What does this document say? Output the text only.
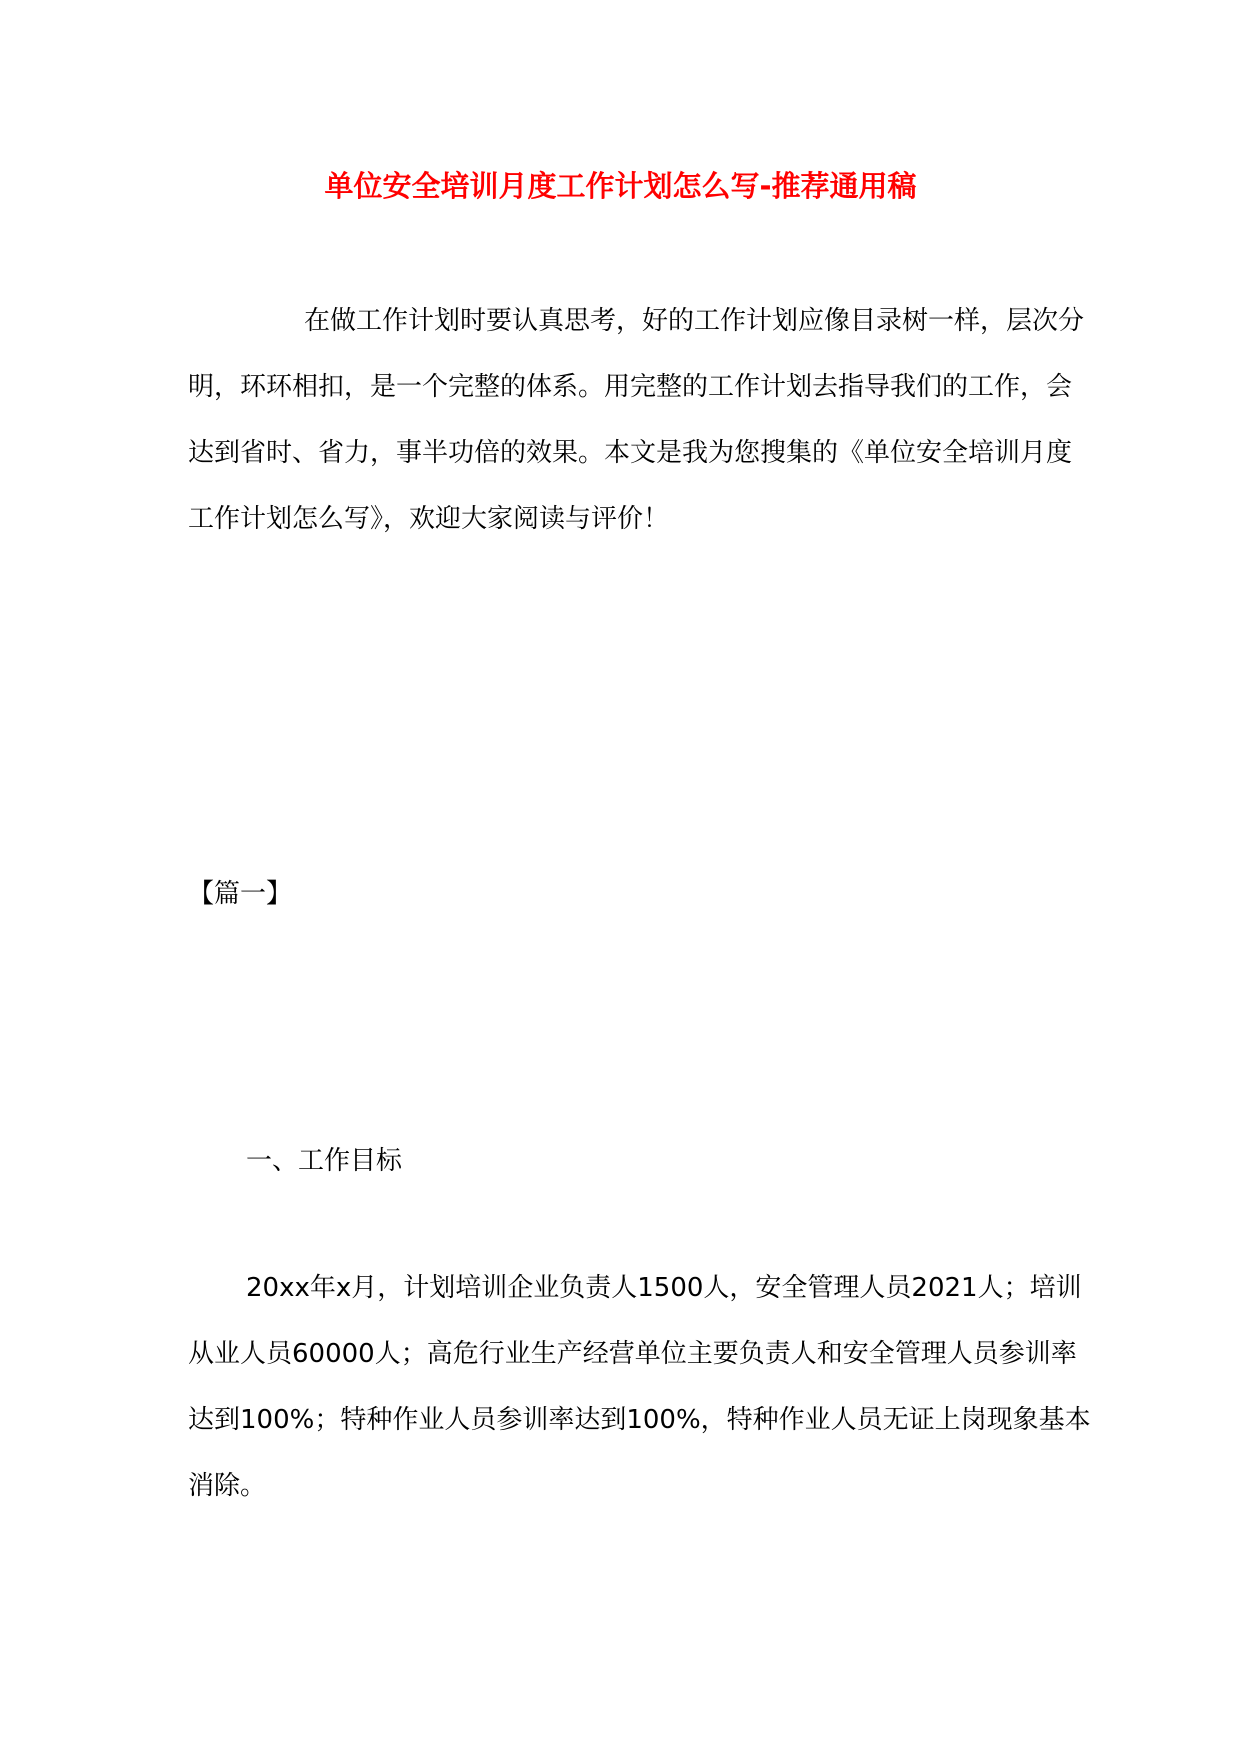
单位安全培训月度工作计划怎么写-推荐通用稿

在做工作计划时要认真思考，好的工作计划应像目录树一样，层次分明，环环相扣，是一个完整的体系。用完整的工作计划去指导我们的工作，会达到省时、省力，事半功倍的效果。本文是我为您搜集的《单位安全培训月度工作计划怎么写》，欢迎大家阅读与评价！

【篇一】

一、工作目标

20xx年x月，计划培训企业负责人1500人，安全管理人员2021人；培训从业人员60000人；高危行业生产经营单位主要负责人和安全管理人员参训率达到100%；特种作业人员参训率达到100%，特种作业人员无证上岗现象基本消除。
